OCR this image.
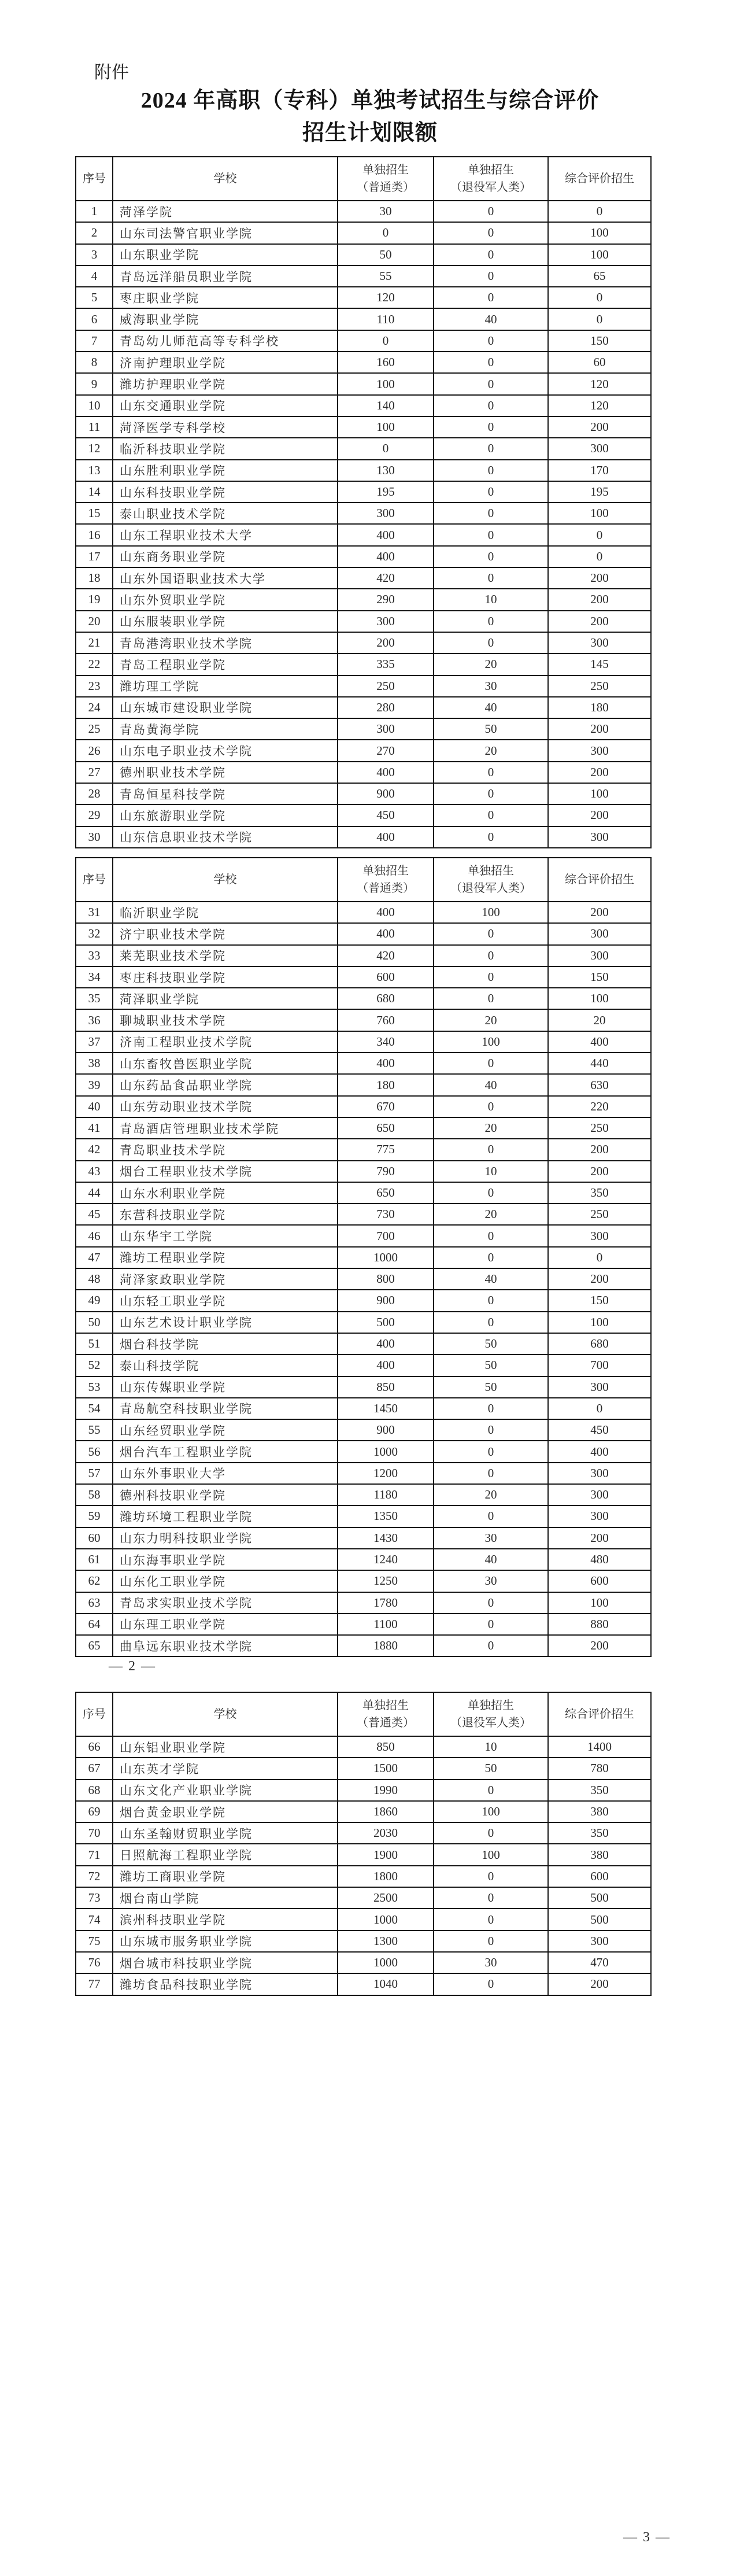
附件
2024 年高职（专科）单独考试招生与综合评价
招生计划限额
序号	学校

单独招生
（普通类）

单独招生
（退役军人类）

综合评价招生

1	菏泽学院	30	0	0
2	山东司法警官职业学院	0	0	100
3	山东职业学院	50	0	100
4	青岛远洋船员职业学院	55	0	65
5	枣庄职业学院	120	0	0
6	威海职业学院	110	40	0
7	青岛幼儿师范高等专科学校	0	0	150
8	济南护理职业学院	160	0	60
9	潍坊护理职业学院	100	0	120
10	山东交通职业学院	140	0	120
11	菏泽医学专科学校	100	0	200
12	临沂科技职业学院	0	0	300
13	山东胜利职业学院	130	0	170
14	山东科技职业学院	195	0	195
15	泰山职业技术学院	300	0	100
16	山东工程职业技术大学	400	0	0
17	山东商务职业学院	400	0	0
18	山东外国语职业技术大学	420	0	200
19	山东外贸职业学院	290	10	200
20	山东服装职业学院	300	0	200
21	青岛港湾职业技术学院	200	0	300
22	青岛工程职业学院	335	20	145
23	潍坊理工学院	250	30	250
24	山东城市建设职业学院	280	40	180
25	青岛黄海学院	300	50	200
26	山东电子职业技术学院	270	20	300
27	德州职业技术学院	400	0	200
28	青岛恒星科技学院	900	0	100
29	山东旅游职业学院	450	0	200
30	山东信息职业技术学院	400	0	300
序号	学校

单独招生
（普通类）

单独招生
（退役军人类）

综合评价招生

31	临沂职业学院	400	100	200
32	济宁职业技术学院	400	0	300
33	莱芜职业技术学院	420	0	300
34	枣庄科技职业学院	600	0	150
35	菏泽职业学院	680	0	100
36	聊城职业技术学院	760	20	20
37	济南工程职业技术学院	340	100	400
38	山东畜牧兽医职业学院	400	0	440
39	山东药品食品职业学院	180	40	630
40	山东劳动职业技术学院	670	0	220
41	青岛酒店管理职业技术学院	650	20	250
42	青岛职业技术学院	775	0	200
43	烟台工程职业技术学院	790	10	200
44	山东水利职业学院	650	0	350
45	东营科技职业学院	730	20	250
46	山东华宇工学院	700	0	300
47	潍坊工程职业学院	1000	0	0
48	菏泽家政职业学院	800	40	200
49	山东轻工职业学院	900	0	150
50	山东艺术设计职业学院	500	0	100
51	烟台科技学院	400	50	680
52	泰山科技学院	400	50	700
53	山东传媒职业学院	850	50	300
54	青岛航空科技职业学院	1450	0	0
55	山东经贸职业学院	900	0	450
56	烟台汽车工程职业学院	1000	0	400
57	山东外事职业大学	1200	0	300
58	德州科技职业学院	1180	20	300
59	潍坊环境工程职业学院	1350	0	300
60	山东力明科技职业学院	1430	30	200
61	山东海事职业学院	1240	40	480
62	山东化工职业学院	1250	30	600
63	青岛求实职业技术学院	1780	0	100
64	山东理工职业学院	1100	0	880
65	曲阜远东职业技术学院	1880	0	200
— 2 —
序号	学校

单独招生
（普通类）

单独招生
（退役军人类）

综合评价招生

66	山东铝业职业学院	850	10	1400
67	山东英才学院	1500	50	780
68	山东文化产业职业学院	1990	0	350
69	烟台黄金职业学院	1860	100	380
70	山东圣翰财贸职业学院	2030	0	350
71	日照航海工程职业学院	1900	100	380
72	潍坊工商职业学院	1800	0	600
73	烟台南山学院	2500	0	500
74	滨州科技职业学院	1000	0	500
75	山东城市服务职业学院	1300	0	300
76	烟台城市科技职业学院	1000	30	470
77	潍坊食品科技职业学院	1040	0	200
— 3 —
